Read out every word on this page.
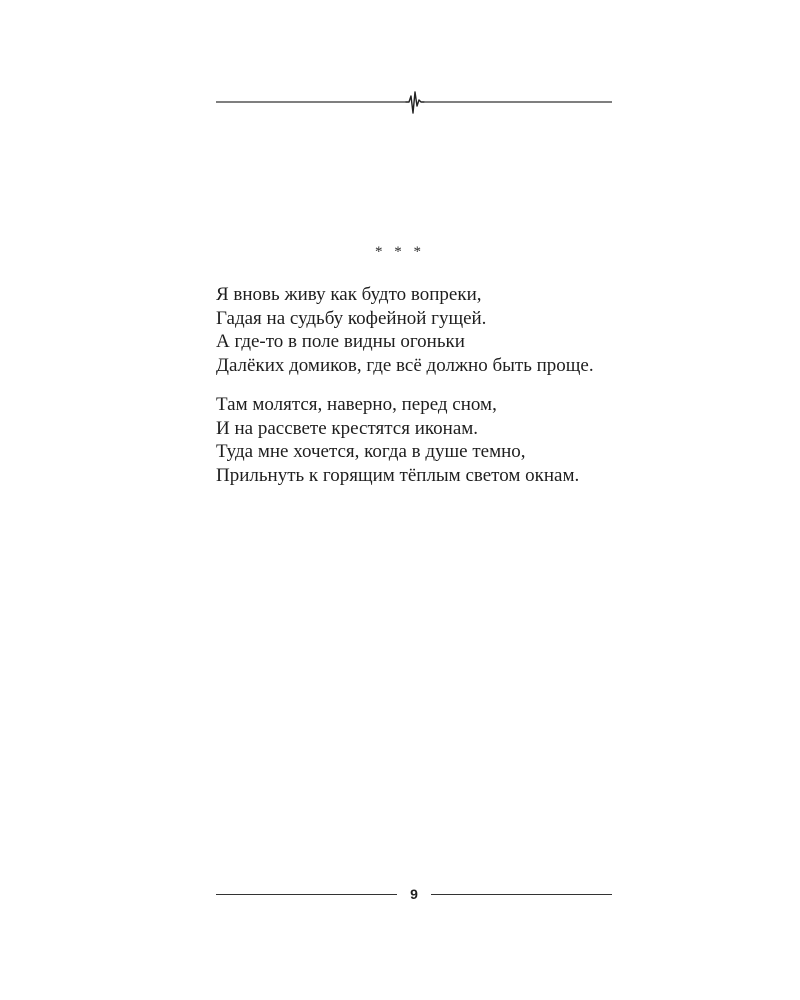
* * *
Я вновь живу как будто вопреки,
Гадая на судьбу кофейной гущей.
А где-то в поле видны огоньки
Далёких домиков, где всё должно быть проще.
Там молятся, наверно, перед сном,
И на рассвете крестятся иконам.
Туда мне хочется, когда в душе темно,
Прильнуть к горящим тёплым светом окнам.
9
